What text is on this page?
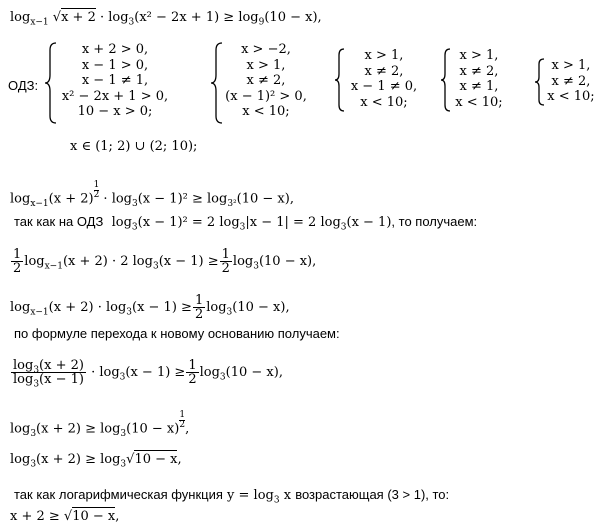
$\log_{x-1} √x + 2 \cdot \log_3(x^2 - 2x + 1) \ge \log_9(10 - x)$,
ОДЗ:
x + 2 > 0,
x − 1 > 0,
x − 1 ≠ 1,
x² − 2x + 1 > 0,
10 − x > 0;
x > −2,
x > 1,
x ≠ 2,
(x − 1)² > 0,
x < 10;
x > 1,
x ≠ 2,
x − 1 ≠ 0,
x < 10;
x > 1,
x ≠ 2,
x ≠ 1,
x < 10;
x > 1,
x ≠ 2,
x < 10;
x ∈ (1; 2) ∪ (2; 10);
$\log_{x-1}(x + 2) \frac{1}{2} \cdot \log_3(x - 1)^2 \ge \log_{3^2}(10 - x)$,
так как на ОДЗ $\log_3(x - 1)^2 = 2$ $\log_3|x - 1| = 2$ $\log_3(x - 1)$, то получаем:
$\frac{1}{2} \log_{x-1}(x + 2) \cdot 2$ $\log_3(x - 1) \ge \frac{1}{2} \log_3(10 - x)$,
$\log_{x-1}(x + 2) \cdot \log_3(x - 1) \ge \frac{1}{2} \log_3(10 - x)$,
по формуле перехода к новому основанию получаем:
$\frac{\log_3(x + 2)}{\log_3(x - 1)} \cdot \log_3(x - 1) \ge \frac{1}{2} \log_3(10 - x)$,
$\log_3(x + 2) \ge \log_3(10 - x) \frac{1}{2}$ ,
$\log_3(x + 2) \ge \log_3√10 - x$,
так как логарифмическая функция $y = \log_3 x$ возрастающая (3 > 1), то:
x + 2 ≥ √10 − x,
